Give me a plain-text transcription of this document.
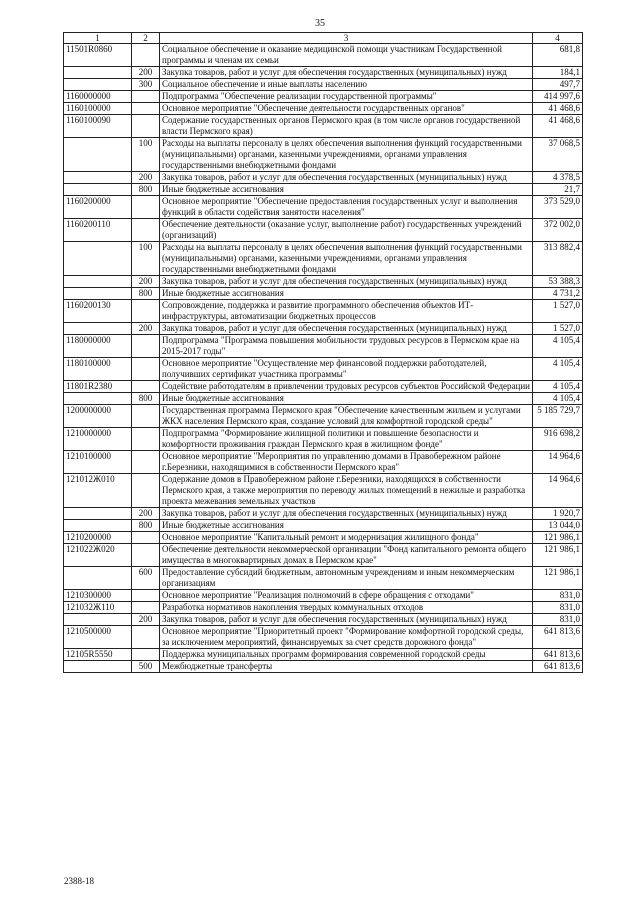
35
1	2	3	4
11501R0860		Социальное обеспечение и оказание медицинской помощи участникам Государственной программы и членам их семьи	681,8
	200	Закупка товаров, работ и услуг для обеспечения государственных (муниципальных) нужд	184,1
	300	Социальное обеспечение и иные выплаты населению	497,7
1160000000		Подпрограмма "Обеспечение реализации государственной программы"	414 997,6
1160100000		Основное мероприятие "Обеспечение деятельности государственных органов"	41 468,6
1160100090		Содержание государственных органов Пермского края (в том числе органов государственной власти Пермского края)	41 468,6
	100	Расходы на выплаты персоналу в целях обеспечения выполнения функций государственными (муниципальными) органами, казенными учреждениями, органами управления государственными внебюджетными фондами	37 068,5
	200	Закупка товаров, работ и услуг для обеспечения государственных (муниципальных) нужд	4 378,5
	800	Иные бюджетные ассигнования	21,7
1160200000		Основное мероприятие "Обеспечение предоставления государственных услуг и выполнения функций в области содействия занятости населения"	373 529,0
1160200110		Обеспечение деятельности (оказание услуг, выполнение работ) государственных учреждений (организаций)	372 002,0
	100	Расходы на выплаты персоналу в целях обеспечения выполнения функций государственными (муниципальными) органами, казенными учреждениями, органами управления государственными внебюджетными фондами	313 882,4
	200	Закупка товаров, работ и услуг для обеспечения государственных (муниципальных) нужд	53 388,3
	800	Иные бюджетные ассигнования	4 731,2
1160200130		Сопровождение, поддержка и развитие программного обеспечения объектов ИТ-инфраструктуры, автоматизации бюджетных процессов	1 527,0
	200	Закупка товаров, работ и услуг для обеспечения государственных (муниципальных) нужд	1 527,0
1180000000		Подпрограмма "Программа повышения мобильности трудовых ресурсов в Пермском крае на 2015-2017 годы"	4 105,4
1180100000		Основное мероприятие "Осуществление мер финансовой поддержки работодателей, получивших сертификат участника программы"	4 105,4
11801R2380		Содействие работодателям в привлечении трудовых ресурсов субъектов Российской Федерации	4 105,4
	800	Иные бюджетные ассигнования	4 105,4
1200000000		Государственная программа Пермского края "Обеспечение качественным жильем и услугами ЖКХ населения Пермского края, создание условий для комфортной городской среды"	5 185 729,7
1210000000		Подпрограмма "Формирование жилищной политики и повышение безопасности и комфортности проживания граждан Пермского края в жилищном фонде"	916 698,2
1210100000		Основное мероприятие "Мероприятия по управлению домами в Правобережном районе г.Березники, находящимися в собственности Пермского края"	14 964,6
121012Ж010		Содержание домов в Правобережном районе г.Березники, находящихся в собственности Пермского края, а также мероприятия по переводу жилых помещений в нежилые и разработка проекта межевания земельных участков	14 964,6
	200	Закупка товаров, работ и услуг для обеспечения государственных (муниципальных) нужд	1 920,7
	800	Иные бюджетные ассигнования	13 044,0
1210200000		Основное мероприятие "Капитальный ремонт и модернизация жилищного фонда"	121 986,1
121022Ж020		Обеспечение деятельности некоммерческой организации "Фонд капитального ремонта общего имущества в многоквартирных домах в Пермском крае"	121 986,1
	600	Предоставление субсидий бюджетным, автономным учреждениям и иным некоммерческим организациям	121 986,1
1210300000		Основное мероприятие "Реализация полномочий в сфере обращения с отходами"	831,0
121032Ж110		Разработка нормативов накопления твердых коммунальных отходов	831,0
	200	Закупка товаров, работ и услуг для обеспечения государственных (муниципальных) нужд	831,0
1210500000		Основное мероприятие "Приоритетный проект "Формирование комфортной городской среды, за исключением мероприятий, финансируемых за счет средств дорожного фонда"	641 813,6
12105R5550		Поддержка муниципальных программ формирования современной городской среды	641 813,6
	500	Межбюджетные трансферты	641 813,6
2388-18
